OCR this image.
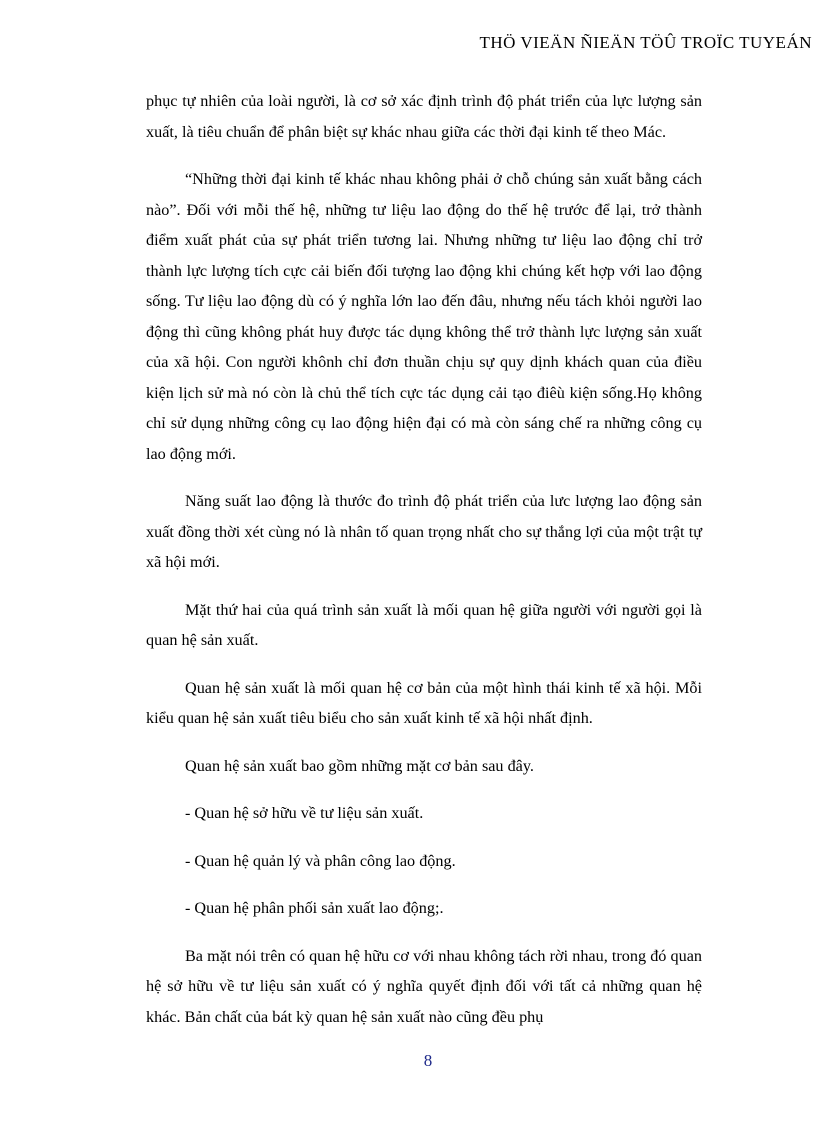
THÖ VIEÄN ÑIEÄN TÖÛ TROÏC TUYEÁN

phục tự nhiên của loài người, là cơ sở xác định trình độ phát triển của lực lượng sản xuất, là tiêu chuẩn để phân biệt sự khác nhau giữa các thời đại kinh tế theo Mác.

“Những thời đại kinh tế khác nhau không phải ở chỗ chúng sản xuất bằng cách nào”. Đối với mỗi thế hệ, những tư liệu lao động do thế hệ trước để lại, trở thành điểm xuất phát của sự phát triển tương lai. Nhưng những tư liệu lao động chỉ trở thành lực lượng tích cực cải biến đối tượng lao động khi chúng kết hợp với lao động sống. Tư liệu lao động dù có ý nghĩa lớn lao đến đâu, nhưng nếu tách khỏi người lao động thì cũng không phát huy được tác dụng không thể trở thành lực lượng sản xuất của xã hội. Con người khônh chỉ đơn thuần chịu sự quy dịnh khách quan của điều kiện lịch sử mà nó còn là chủ thể tích cực tác dụng cải tạo điêù kiện sống.Họ không chỉ sử dụng những công cụ lao động hiện đại có mà còn sáng chế ra những công cụ lao động mới.

Năng suất lao động là thước đo trình độ phát triển của lưc lượng lao động sản xuất đồng thời xét cùng nó là nhân tố quan trọng nhất cho sự thắng lợi của một trật tự xã hội mới.

Mặt thứ hai của quá trình sản xuất là mối quan hệ giữa người với người gọi là quan hệ sản xuất.

Quan hệ sản xuất là mối quan hệ cơ bản của một hình thái kinh tế xã hội. Mỗi kiểu quan hệ sản xuất tiêu biểu cho sản xuất kinh tế xã hội nhất định.

Quan hệ sản xuất bao gồm những mặt cơ bản sau đây.

- Quan hệ sở hữu về tư liệu sản xuất.

- Quan hệ quản lý và phân công lao động.

- Quan hệ phân phối sản xuất lao động;.

Ba mặt nói trên có quan hệ hữu cơ với nhau không tách rời nhau, trong đó quan hệ sở hữu về tư liệu sản xuất có ý nghĩa quyết định đối với tất cả những quan hệ khác. Bản chất của bát kỳ quan hệ sản xuất nào cũng đều phụ

8
